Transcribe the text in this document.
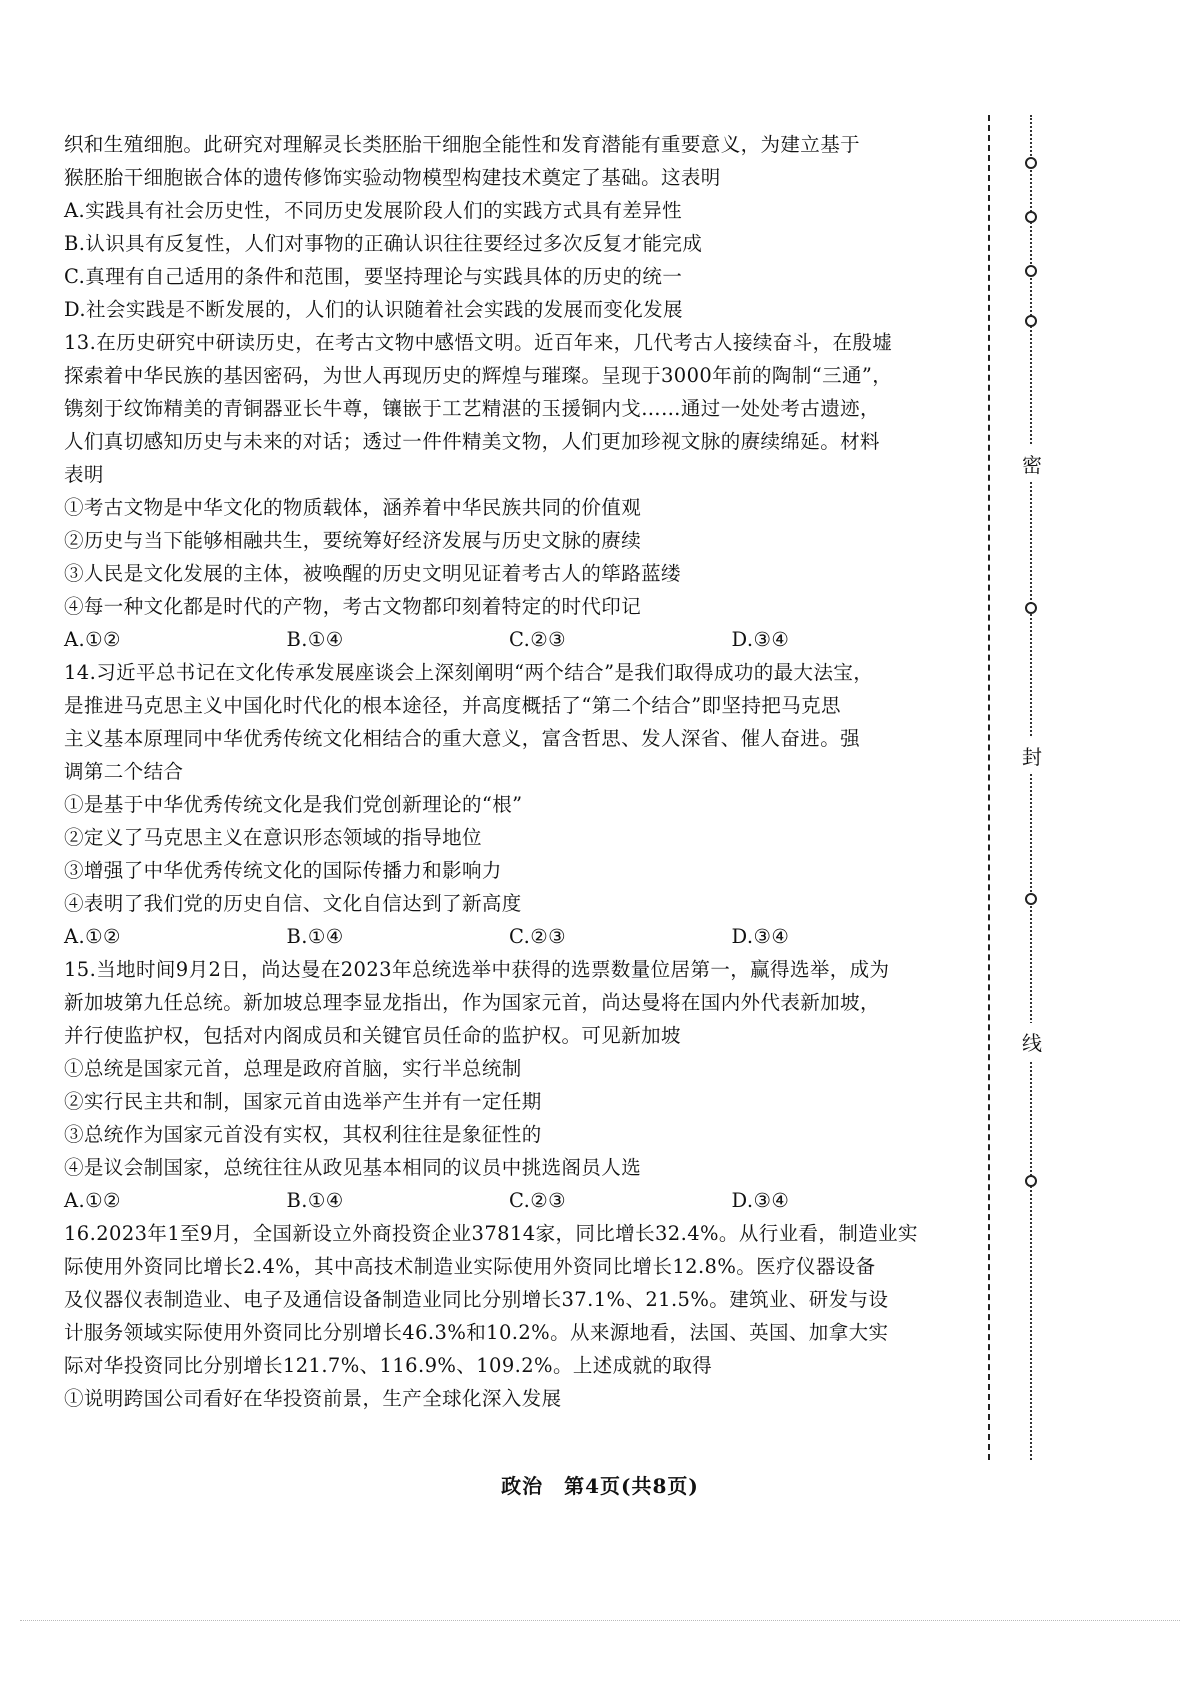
织和生殖细胞。此研究对理解灵长类胚胎干细胞全能性和发育潜能有重要意义，为建立基于
猴胚胎干细胞嵌合体的遗传修饰实验动物模型构建技术奠定了基础。这表明
A.实践具有社会历史性，不同历史发展阶段人们的实践方式具有差异性
B.认识具有反复性，人们对事物的正确认识往往要经过多次反复才能完成
C.真理有自己适用的条件和范围，要坚持理论与实践具体的历史的统一
D.社会实践是不断发展的，人们的认识随着社会实践的发展而变化发展
13.在历史研究中研读历史，在考古文物中感悟文明。近百年来，几代考古人接续奋斗，在殷墟
探索着中华民族的基因密码，为世人再现历史的辉煌与璀璨。呈现于3000年前的陶制“三通”，
镌刻于纹饰精美的青铜器亚长牛尊，镶嵌于工艺精湛的玉援铜内戈……通过一处处考古遗迹，
人们真切感知历史与未来的对话；透过一件件精美文物，人们更加珍视文脉的赓续绵延。材料
表明
①考古文物是中华文化的物质载体，涵养着中华民族共同的价值观
②历史与当下能够相融共生，要统筹好经济发展与历史文脉的赓续
③人民是文化发展的主体，被唤醒的历史文明见证着考古人的筚路蓝缕
④每一种文化都是时代的产物，考古文物都印刻着特定的时代印记
A.①②	B.①④	C.②③	D.③④
14.习近平总书记在文化传承发展座谈会上深刻阐明“两个结合”是我们取得成功的最大法宝，
是推进马克思主义中国化时代化的根本途径，并高度概括了“第二个结合”即坚持把马克思
主义基本原理同中华优秀传统文化相结合的重大意义，富含哲思、发人深省、催人奋进。强
调第二个结合
①是基于中华优秀传统文化是我们党创新理论的“根”
②定义了马克思主义在意识形态领域的指导地位
③增强了中华优秀传统文化的国际传播力和影响力
④表明了我们党的历史自信、文化自信达到了新高度
A.①②	B.①④	C.②③	D.③④
15.当地时间9月2日，尚达曼在2023年总统选举中获得的选票数量位居第一，赢得选举，成为
新加坡第九任总统。新加坡总理李显龙指出，作为国家元首，尚达曼将在国内外代表新加坡，
并行使监护权，包括对内阁成员和关键官员任命的监护权。可见新加坡
①总统是国家元首，总理是政府首脑，实行半总统制
②实行民主共和制，国家元首由选举产生并有一定任期
③总统作为国家元首没有实权，其权利往往是象征性的
④是议会制国家，总统往往从政见基本相同的议员中挑选阁员人选
A.①②	B.①④	C.②③	D.③④
16.2023年1至9月，全国新设立外商投资企业37814家，同比增长32.4%。从行业看，制造业实
际使用外资同比增长2.4%，其中高技术制造业实际使用外资同比增长12.8%。医疗仪器设备
及仪器仪表制造业、电子及通信设备制造业同比分别增长37.1%、21.5%。建筑业、研发与设
计服务领域实际使用外资同比分别增长46.3%和10.2%。从来源地看，法国、英国、加拿大实
际对华投资同比分别增长121.7%、116.9%、109.2%。上述成就的取得
①说明跨国公司看好在华投资前景，生产全球化深入发展
密
封
线
政治　第4页(共8页)
